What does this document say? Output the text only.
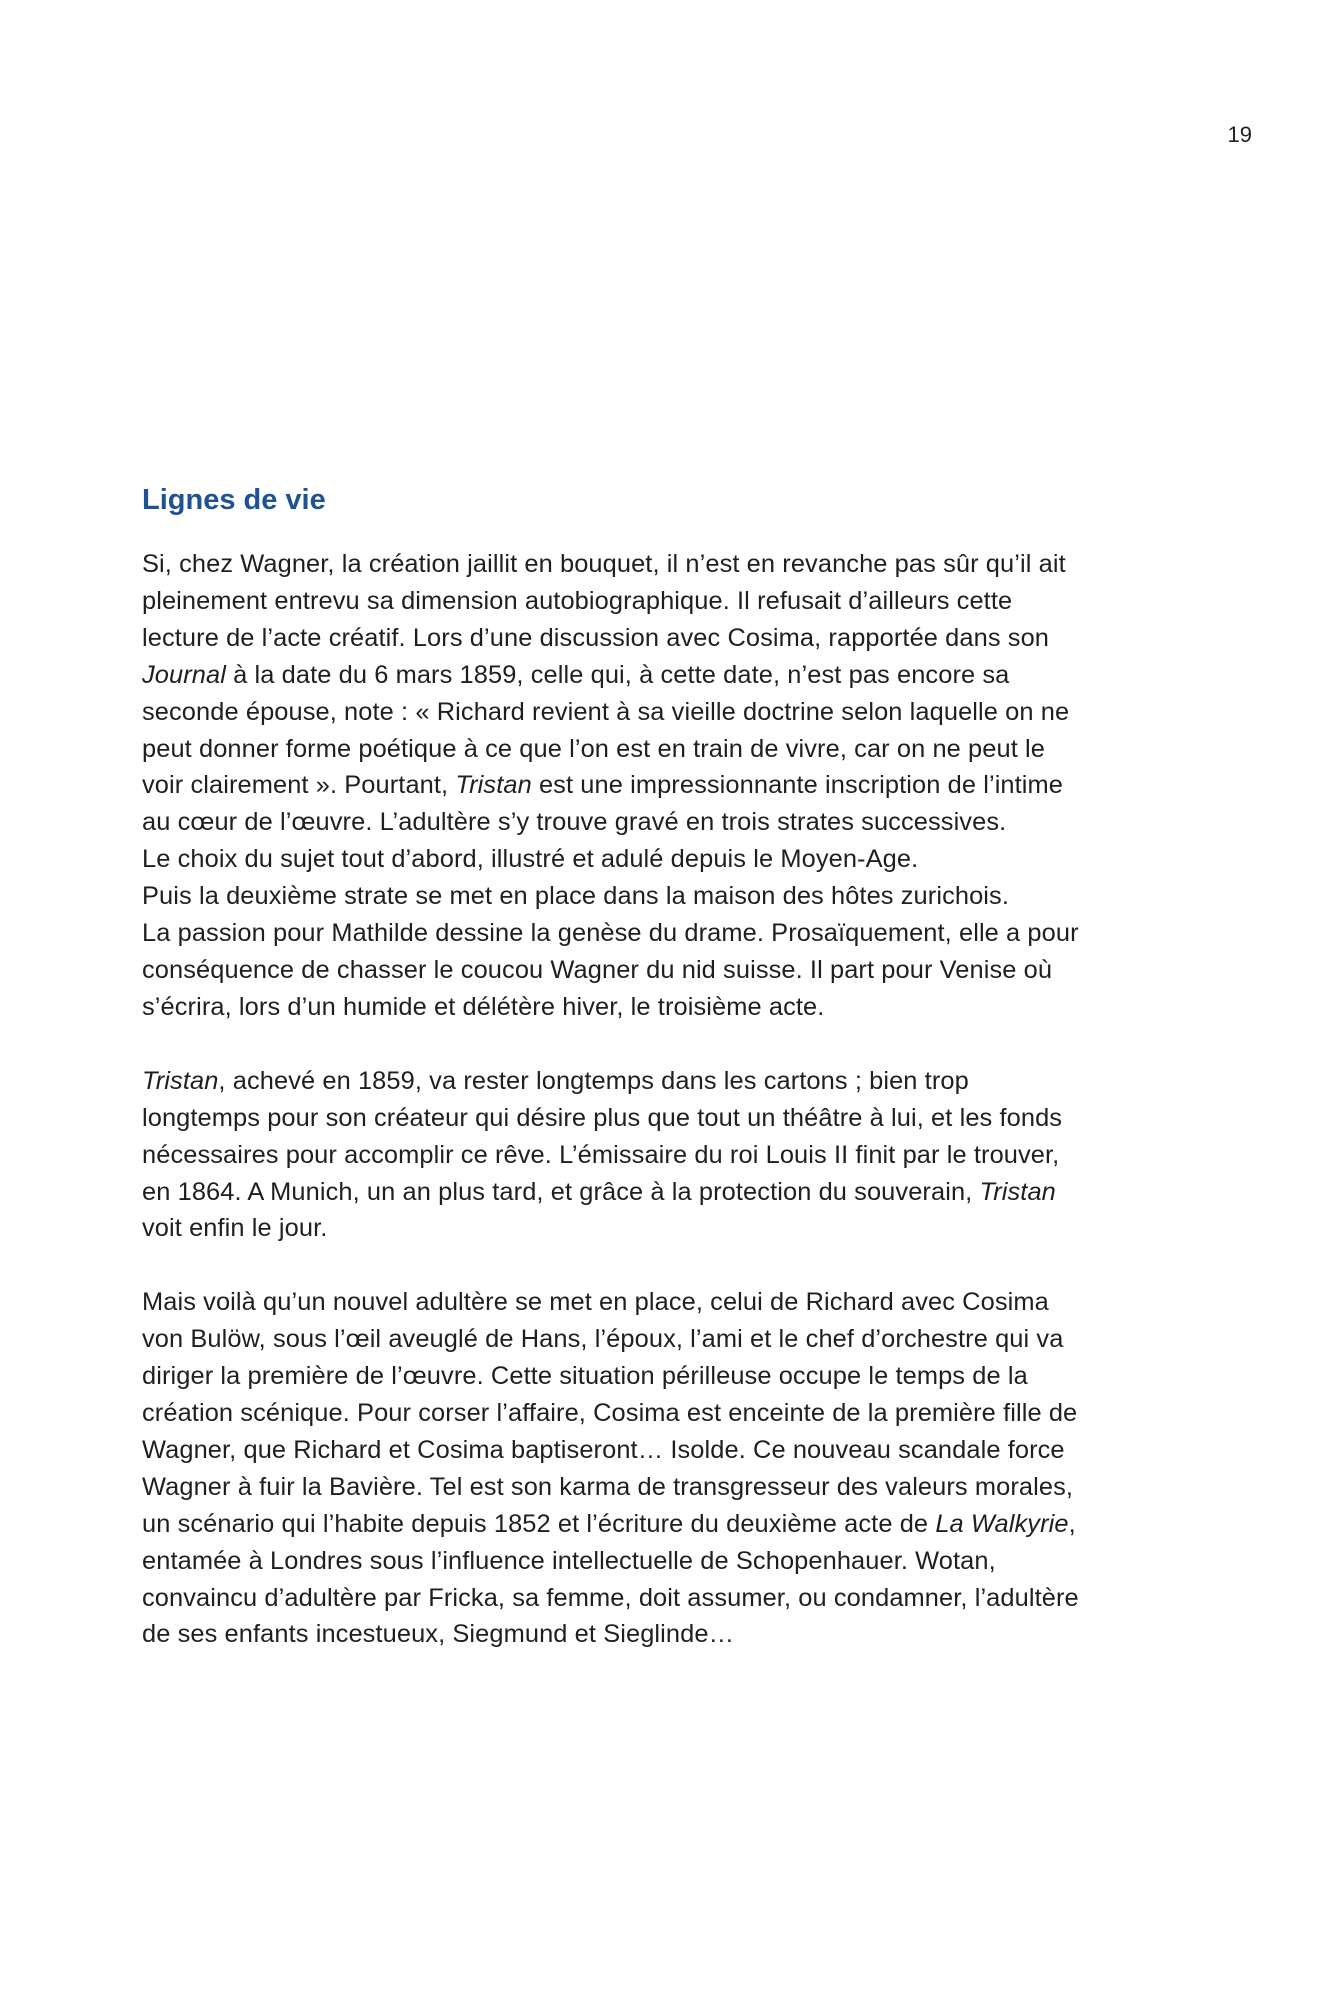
19
Lignes de vie

Si, chez Wagner, la création jaillit en bouquet, il n’est en revanche pas sûr qu’il ait
pleinement entrevu sa dimension autobiographique. Il refusait d’ailleurs cette
lecture de l’acte créatif. Lors d’une discussion avec Cosima, rapportée dans son
Journal à la date du 6 mars 1859, celle qui, à cette date, n’est pas encore sa
seconde épouse, note : « Richard revient à sa vieille doctrine selon laquelle on ne
peut donner forme poétique à ce que l’on est en train de vivre, car on ne peut le
voir clairement ». Pourtant, Tristan est une impressionnante inscription de l’intime
au cœur de l’œuvre. L’adultère s’y trouve gravé en trois strates successives.
Le choix du sujet tout d’abord, illustré et adulé depuis le Moyen-Age.
Puis la deuxième strate se met en place dans la maison des hôtes zurichois.
La passion pour Mathilde dessine la genèse du drame. Prosaïquement, elle a pour
conséquence de chasser le coucou Wagner du nid suisse. Il part pour Venise où
s’écrira, lors d’un humide et délétère hiver, le troisième acte.

Tristan, achevé en 1859, va rester longtemps dans les cartons ; bien trop
longtemps pour son créateur qui désire plus que tout un théâtre à lui, et les fonds
nécessaires pour accomplir ce rêve. L’émissaire du roi Louis II finit par le trouver,
en 1864. A Munich, un an plus tard, et grâce à la protection du souverain, Tristan
voit enfin le jour.

Mais voilà qu’un nouvel adultère se met en place, celui de Richard avec Cosima
von Bulöw, sous l’œil aveuglé de Hans, l’époux, l’ami et le chef d’orchestre qui va
diriger la première de l’œuvre. Cette situation périlleuse occupe le temps de la
création scénique. Pour corser l’affaire, Cosima est enceinte de la première fille de
Wagner, que Richard et Cosima baptiseront… Isolde. Ce nouveau scandale force
Wagner à fuir la Bavière. Tel est son karma de transgresseur des valeurs morales,
un scénario qui l’habite depuis 1852 et l’écriture du deuxième acte de La Walkyrie,
entamée à Londres sous l’influence intellectuelle de Schopenhauer. Wotan,
convaincu d’adultère par Fricka, sa femme, doit assumer, ou condamner, l’adultère
de ses enfants incestueux, Siegmund et Sieglinde…
